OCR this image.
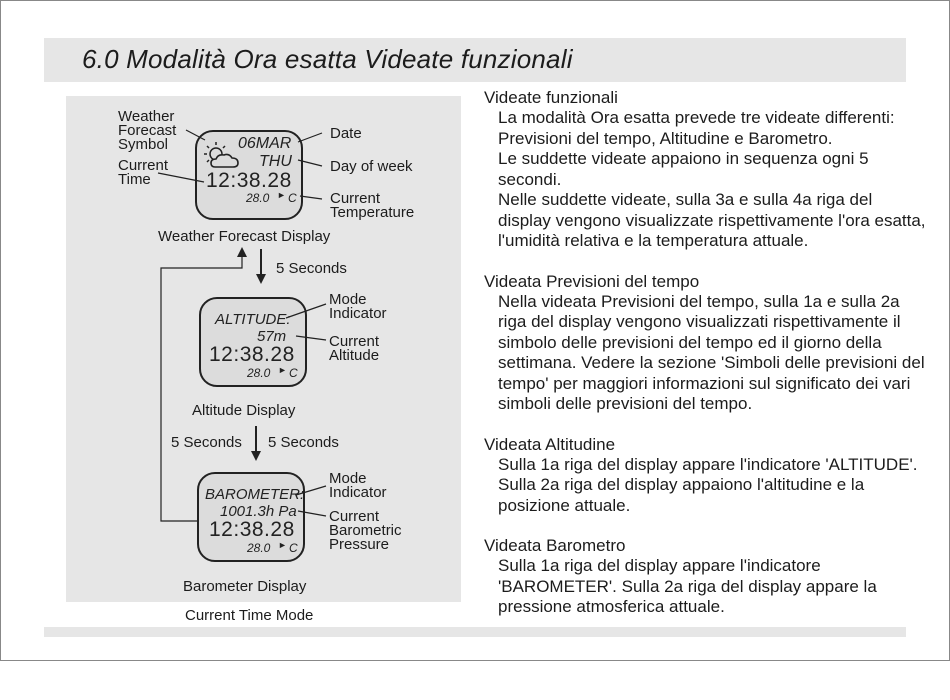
6.0 Modalità Ora esatta Videate funzionali
06MAR
THU
12:38.28
28.0 ► C
ALTITUDE:
57m
12:38.28
28.0 ► C
BAROMETER:
1001.3h Pa
12:38.28
28.0 ► C
Weather
Forecast
Symbol
Current
Time
Date
Day of week
Current
Temperature
Weather Forecast Display
5 Seconds
Mode
Indicator
Current
Altitude
Altitude Display
5 Seconds 5 Seconds
Mode
Indicator
Current
Barometric
Pressure
Barometer Display
Current Time Mode
Videate funzionali

La modalità Ora esatta prevede tre videate differenti: Previsioni del tempo, Altitudine e Barometro.

Le suddette videate appaiono in sequenza ogni 5 secondi.

Nelle suddette videate, sulla 3a e sulla 4a riga del display vengono visualizzate rispettivamente l'ora esatta, l'umidità relativa e la temperatura attuale.

Videata Previsioni del tempo

Nella videata Previsioni del tempo, sulla 1a e sulla 2a riga del display vengono visualizzati rispettivamente il simbolo delle previsioni del tempo ed il giorno della settimana. Vedere la sezione 'Simboli delle previsioni del tempo' per maggiori informazioni sul significato dei vari simboli delle previsioni del tempo.

Videata Altitudine

Sulla 1a riga del display appare l'indicatore 'ALTITUDE'. Sulla 2a riga del display appaiono l'altitudine e la posizione attuale.

Videata Barometro

Sulla 1a riga del display appare l'indicatore 'BAROMETER'. Sulla 2a riga del display appare la pressione atmosferica attuale.
